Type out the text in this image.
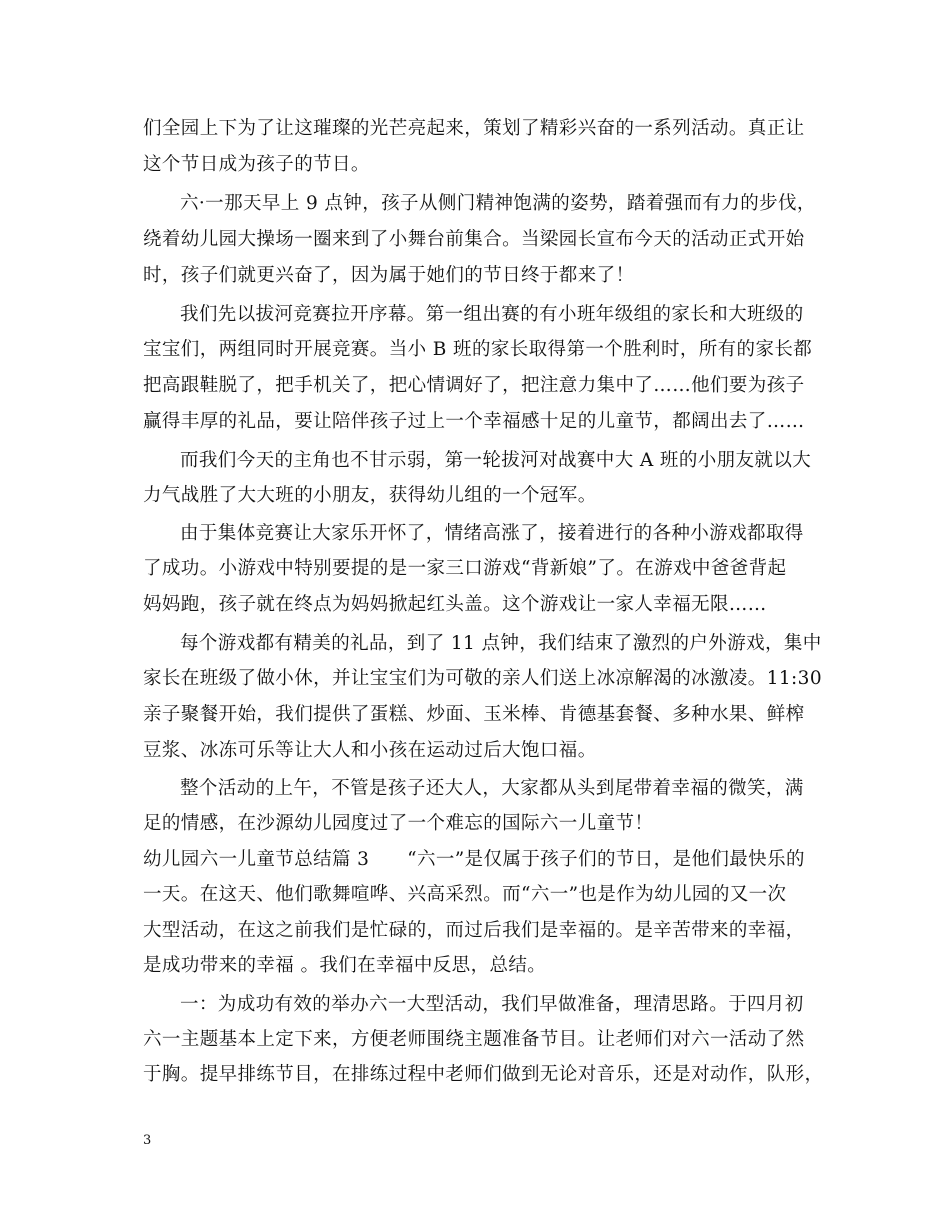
们全园上下为了让这璀璨的光芒亮起来，策划了精彩兴奋的一系列活动。真正让
这个节日成为孩子的节日。
六·一那天早上 9 点钟，孩子从侧门精神饱满的姿势，踏着强而有力的步伐，
绕着幼儿园大操场一圈来到了小舞台前集合。当梁园长宣布今天的活动正式开始
时，孩子们就更兴奋了，因为属于她们的节日终于都来了！
我们先以拔河竞赛拉开序幕。第一组出赛的有小班年级组的家长和大班级的
宝宝们，两组同时开展竞赛。当小 B 班的家长取得第一个胜利时，所有的家长都
把高跟鞋脱了，把手机关了，把心情调好了，把注意力集中了……他们要为孩子
赢得丰厚的礼品，要让陪伴孩子过上一个幸福感十足的儿童节，都阔出去了……
而我们今天的主角也不甘示弱，第一轮拔河对战赛中大 A 班的小朋友就以大
力气战胜了大大班的小朋友，获得幼儿组的一个冠军。
由于集体竞赛让大家乐开怀了，情绪高涨了，接着进行的各种小游戏都取得
了成功。小游戏中特别要提的是一家三口游戏“背新娘”了。在游戏中爸爸背起
妈妈跑，孩子就在终点为妈妈掀起红头盖。这个游戏让一家人幸福无限……
每个游戏都有精美的礼品，到了 11 点钟，我们结束了激烈的户外游戏，集中
家长在班级了做小休，并让宝宝们为可敬的亲人们送上冰凉解渴的冰激凌。11:30
亲子聚餐开始，我们提供了蛋糕、炒面、玉米棒、肯德基套餐、多种水果、鲜榨
豆浆、冰冻可乐等让大人和小孩在运动过后大饱口福。
整个活动的上午，不管是孩子还大人，大家都从头到尾带着幸福的微笑，满
足的情感，在沙源幼儿园度过了一个难忘的国际六一儿童节！
幼儿园六一儿童节总结篇 3　　“六一”是仅属于孩子们的节日，是他们最快乐的
一天。在这天、他们歌舞喧哗、兴高采烈。而“六一”也是作为幼儿园的又一次
大型活动，在这之前我们是忙碌的，而过后我们是幸福的。是辛苦带来的幸福，
是成功带来的幸福 。我们在幸福中反思，总结。
一：为成功有效的举办六一大型活动，我们早做准备，理清思路。于四月初
六一主题基本上定下来，方便老师围绕主题准备节目。让老师们对六一活动了然
于胸。提早排练节目，在排练过程中老师们做到无论对音乐，还是对动作，队形，
3
